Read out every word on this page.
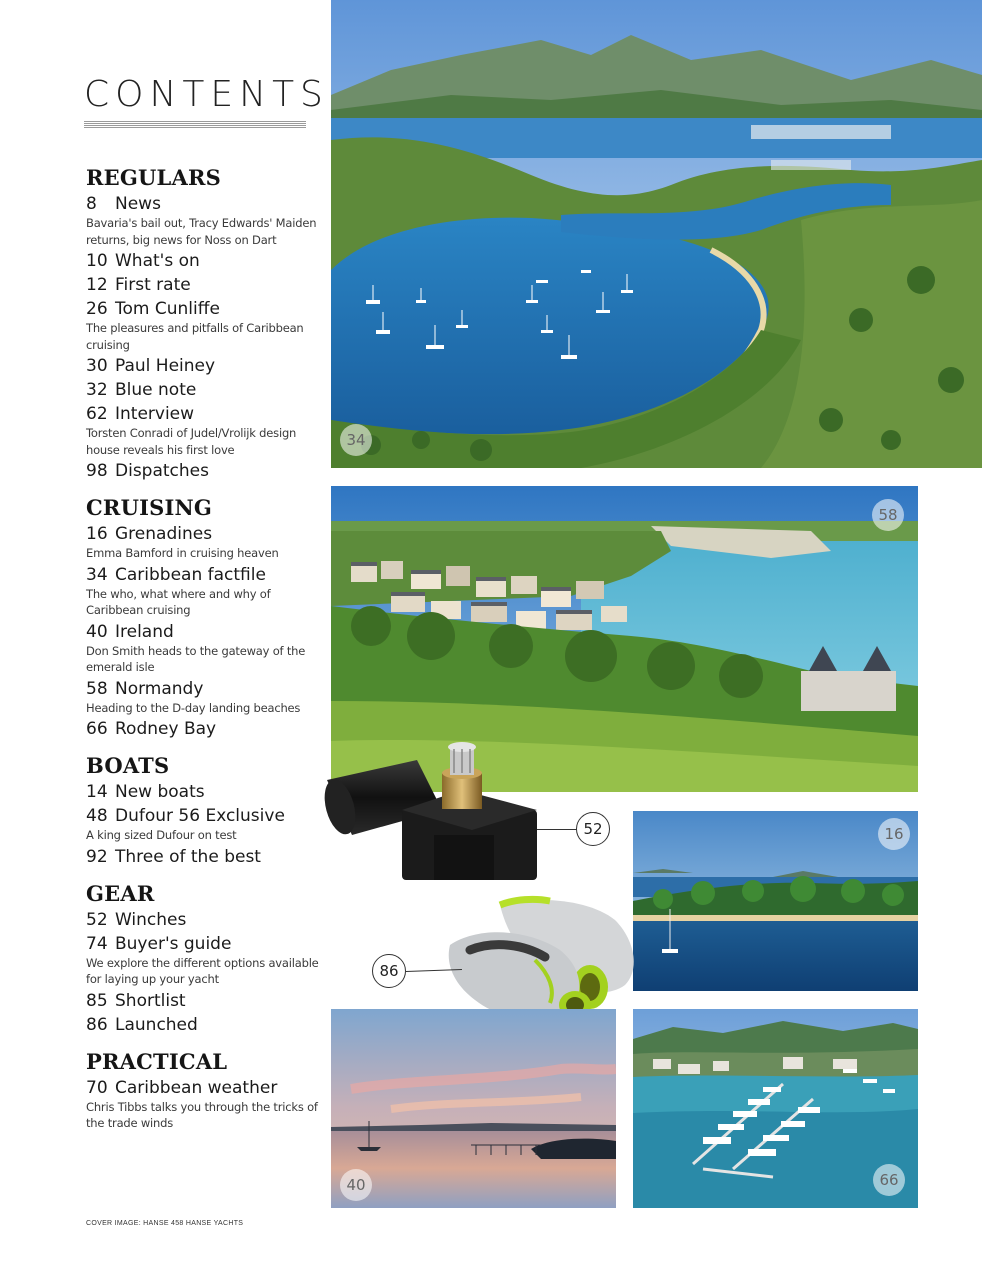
CONTENTS
REGULARS
8 News
Bavaria's bail out, Tracy Edwards' Maiden returns, big news for Noss on Dart
10 What's on
12 First rate
26 Tom Cunliffe
The pleasures and pitfalls of Caribbean cruising
30 Paul Heiney
32 Blue note
62 Interview
Torsten Conradi of Judel/Vrolijk design house reveals his first love
98 Dispatches
CRUISING
16 Grenadines
Emma Bamford in cruising heaven
34 Caribbean factfile
The who, what where and why of Caribbean cruising
40 Ireland
Don Smith heads to the gateway of the emerald isle
58 Normandy
Heading to the D-day landing beaches
66 Rodney Bay
BOATS
14 New boats
48 Dufour 56 Exclusive
A king sized Dufour on test
92 Three of the best
GEAR
52 Winches
74 Buyer's guide
We explore the different options available for laying up your yacht
85 Shortlist
86 Launched
PRACTICAL
70 Caribbean weather
Chris Tibbs talks you through the tricks of the trade winds
34
58
52	16
86
40	66
COVER IMAGE: HANSE 458 HANSE YACHTS
